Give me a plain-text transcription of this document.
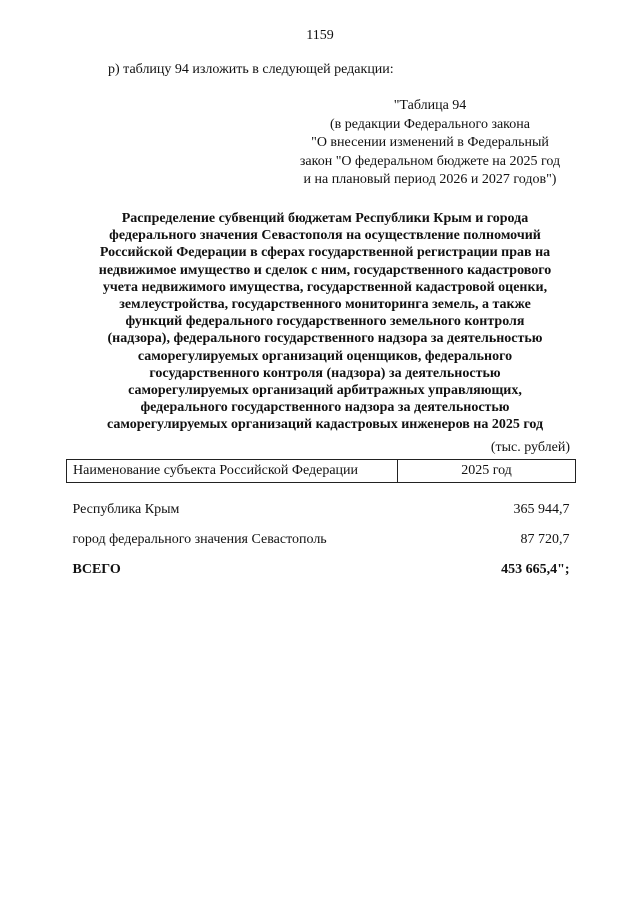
1159
р) таблицу 94 изложить в следующей редакции:
"Таблица 94
(в редакции Федерального закона
"О внесении изменений в Федеральный
закон "О федеральном бюджете на 2025 год
и на плановый период 2026 и 2027 годов")
Распределение субвенций бюджетам Республики Крым и города
федерального значения Севастополя на осуществление полномочий
Российской Федерации в сферах государственной регистрации прав на
недвижимое имущество и сделок с ним, государственного кадастрового
учета недвижимого имущества, государственной кадастровой оценки,
землеустройства, государственного мониторинга земель, а также
функций федерального государственного земельного контроля
(надзора), федерального государственного надзора за деятельностью
саморегулируемых организаций оценщиков, федерального
государственного контроля (надзора) за деятельностью
саморегулируемых организаций арбитражных управляющих,
федерального государственного надзора за деятельностью
саморегулируемых организаций кадастровых инженеров на 2025 год
(тыс. рублей)
Наименование субъекта Российской Федерации	2025 год
Республика Крым	365 944,7
город федерального значения Севастополь	87 720,7
ВСЕГО	453 665,4";
